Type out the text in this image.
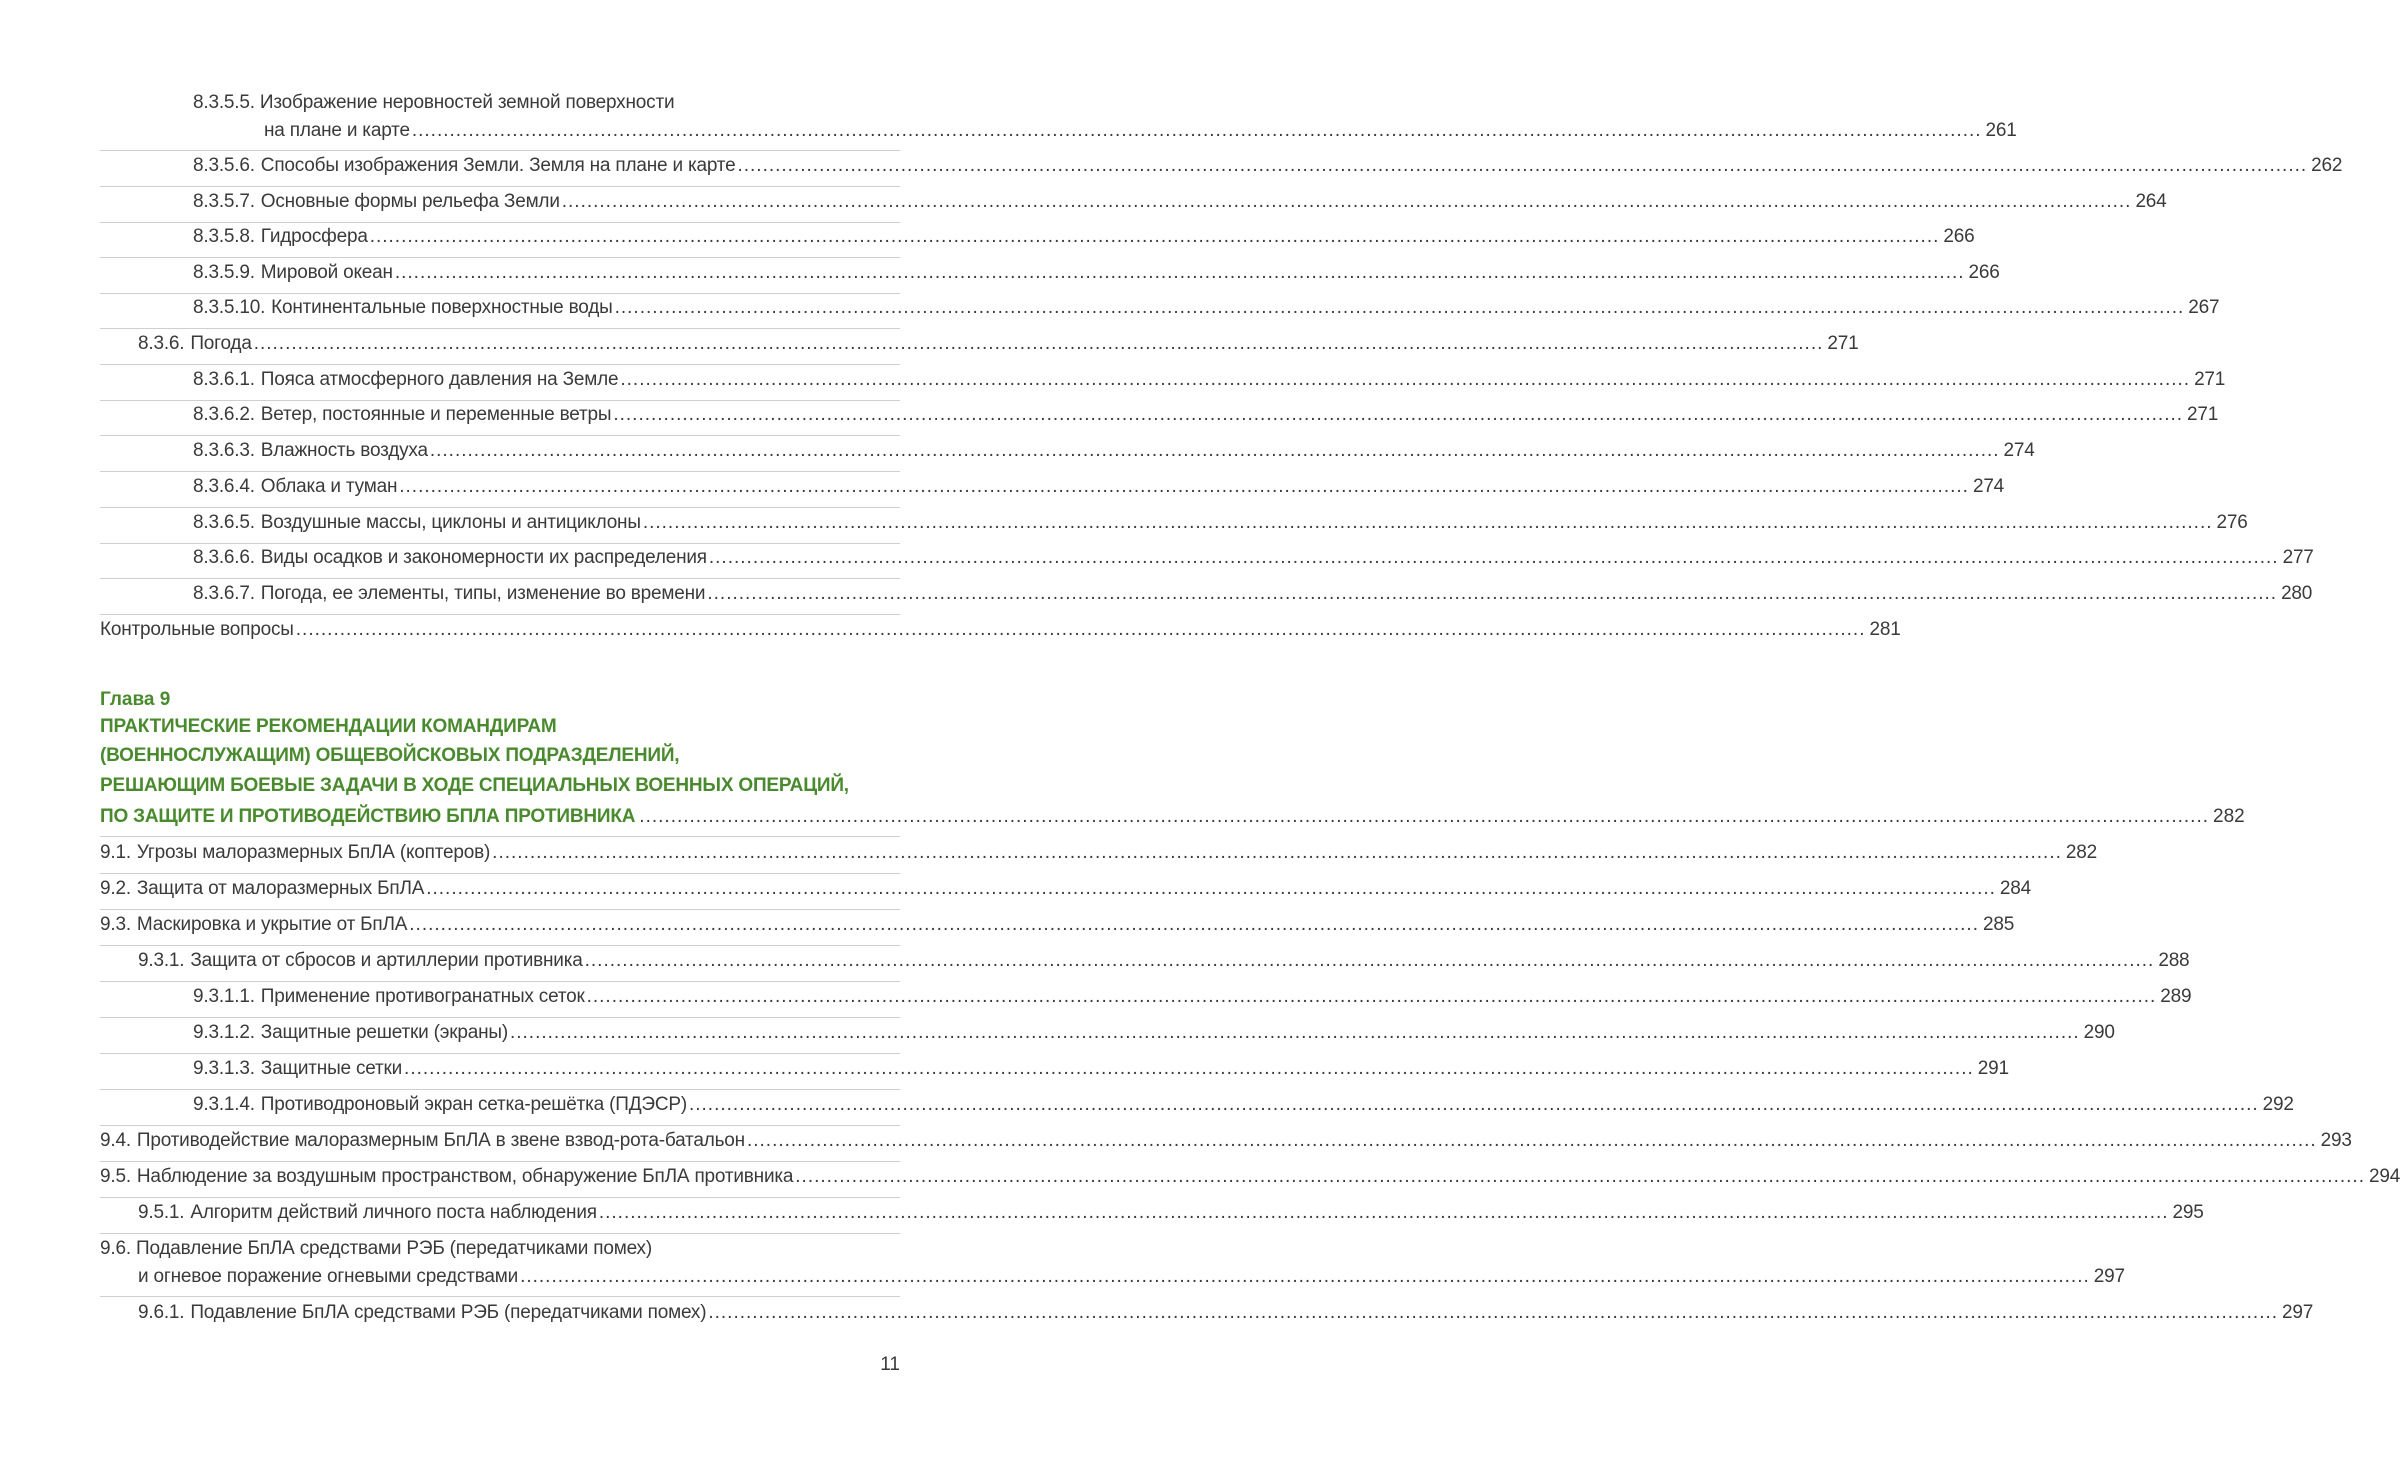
8.3.5.5. Изображение неровностей земной поверхности
на плане и карте .....	261
8.3.5.6. Способы изображения Земли. Земля на плане и карте .....	262
8.3.5.7. Основные формы рельефа Земли .....	264
8.3.5.8. Гидросфера .....	266
8.3.5.9. Мировой океан .....	266
8.3.5.10. Континентальные поверхностные воды .....	267
8.3.6. Погода .....	271
8.3.6.1. Пояса атмосферного давления на Земле .....	271
8.3.6.2. Ветер, постоянные и переменные ветры .....	271
8.3.6.3. Влажность воздуха .....	274
8.3.6.4. Облака и туман .....	274
8.3.6.5. Воздушные массы, циклоны и антициклоны .....	276
8.3.6.6. Виды осадков и закономерности их распределения .....	277
8.3.6.7. Погода, ее элементы, типы, изменение во времени .....	280
Контрольные вопросы .....	281
Глава 9
ПРАКТИЧЕСКИЕ РЕКОМЕНДАЦИИ КОМАНДИРАМ
(ВОЕННОСЛУЖАЩИМ) ОБЩЕВОЙСКОВЫХ ПОДРАЗДЕЛЕНИЙ,
РЕШАЮЩИМ БОЕВЫЕ ЗАДАЧИ В ХОДЕ СПЕЦИАЛЬНЫХ ВОЕННЫХ ОПЕРАЦИЙ,
ПО ЗАЩИТЕ И ПРОТИВОДЕЙСТВИЮ БПЛА ПРОТИВНИКА .....	282
9.1. Угрозы малоразмерных БпЛА (коптеров) .....	282
9.2. Защита от малоразмерных БпЛА .....	284
9.3. Маскировка и укрытие от БпЛА .....	285
9.3.1. Защита от сбросов и артиллерии противника .....	288
9.3.1.1. Применение противогранатных сеток .....	289
9.3.1.2. Защитные решетки (экраны) .....	290
9.3.1.3. Защитные сетки .....	291
9.3.1.4. Противодроновый экран сетка-решётка (ПДЭСР) .....	292
9.4. Противодействие малоразмерным БпЛА в звене взвод-рота-батальон .....	293
9.5. Наблюдение за воздушным пространством, обнаружение БпЛА противника .....	294
9.5.1. Алгоритм действий личного поста наблюдения .....	295
9.6. Подавление БпЛА средствами РЭБ (передатчиками помех)
и огневое поражение огневыми средствами .....	297
9.6.1. Подавление БпЛА средствами РЭБ (передатчиками помех) .....	297
11
